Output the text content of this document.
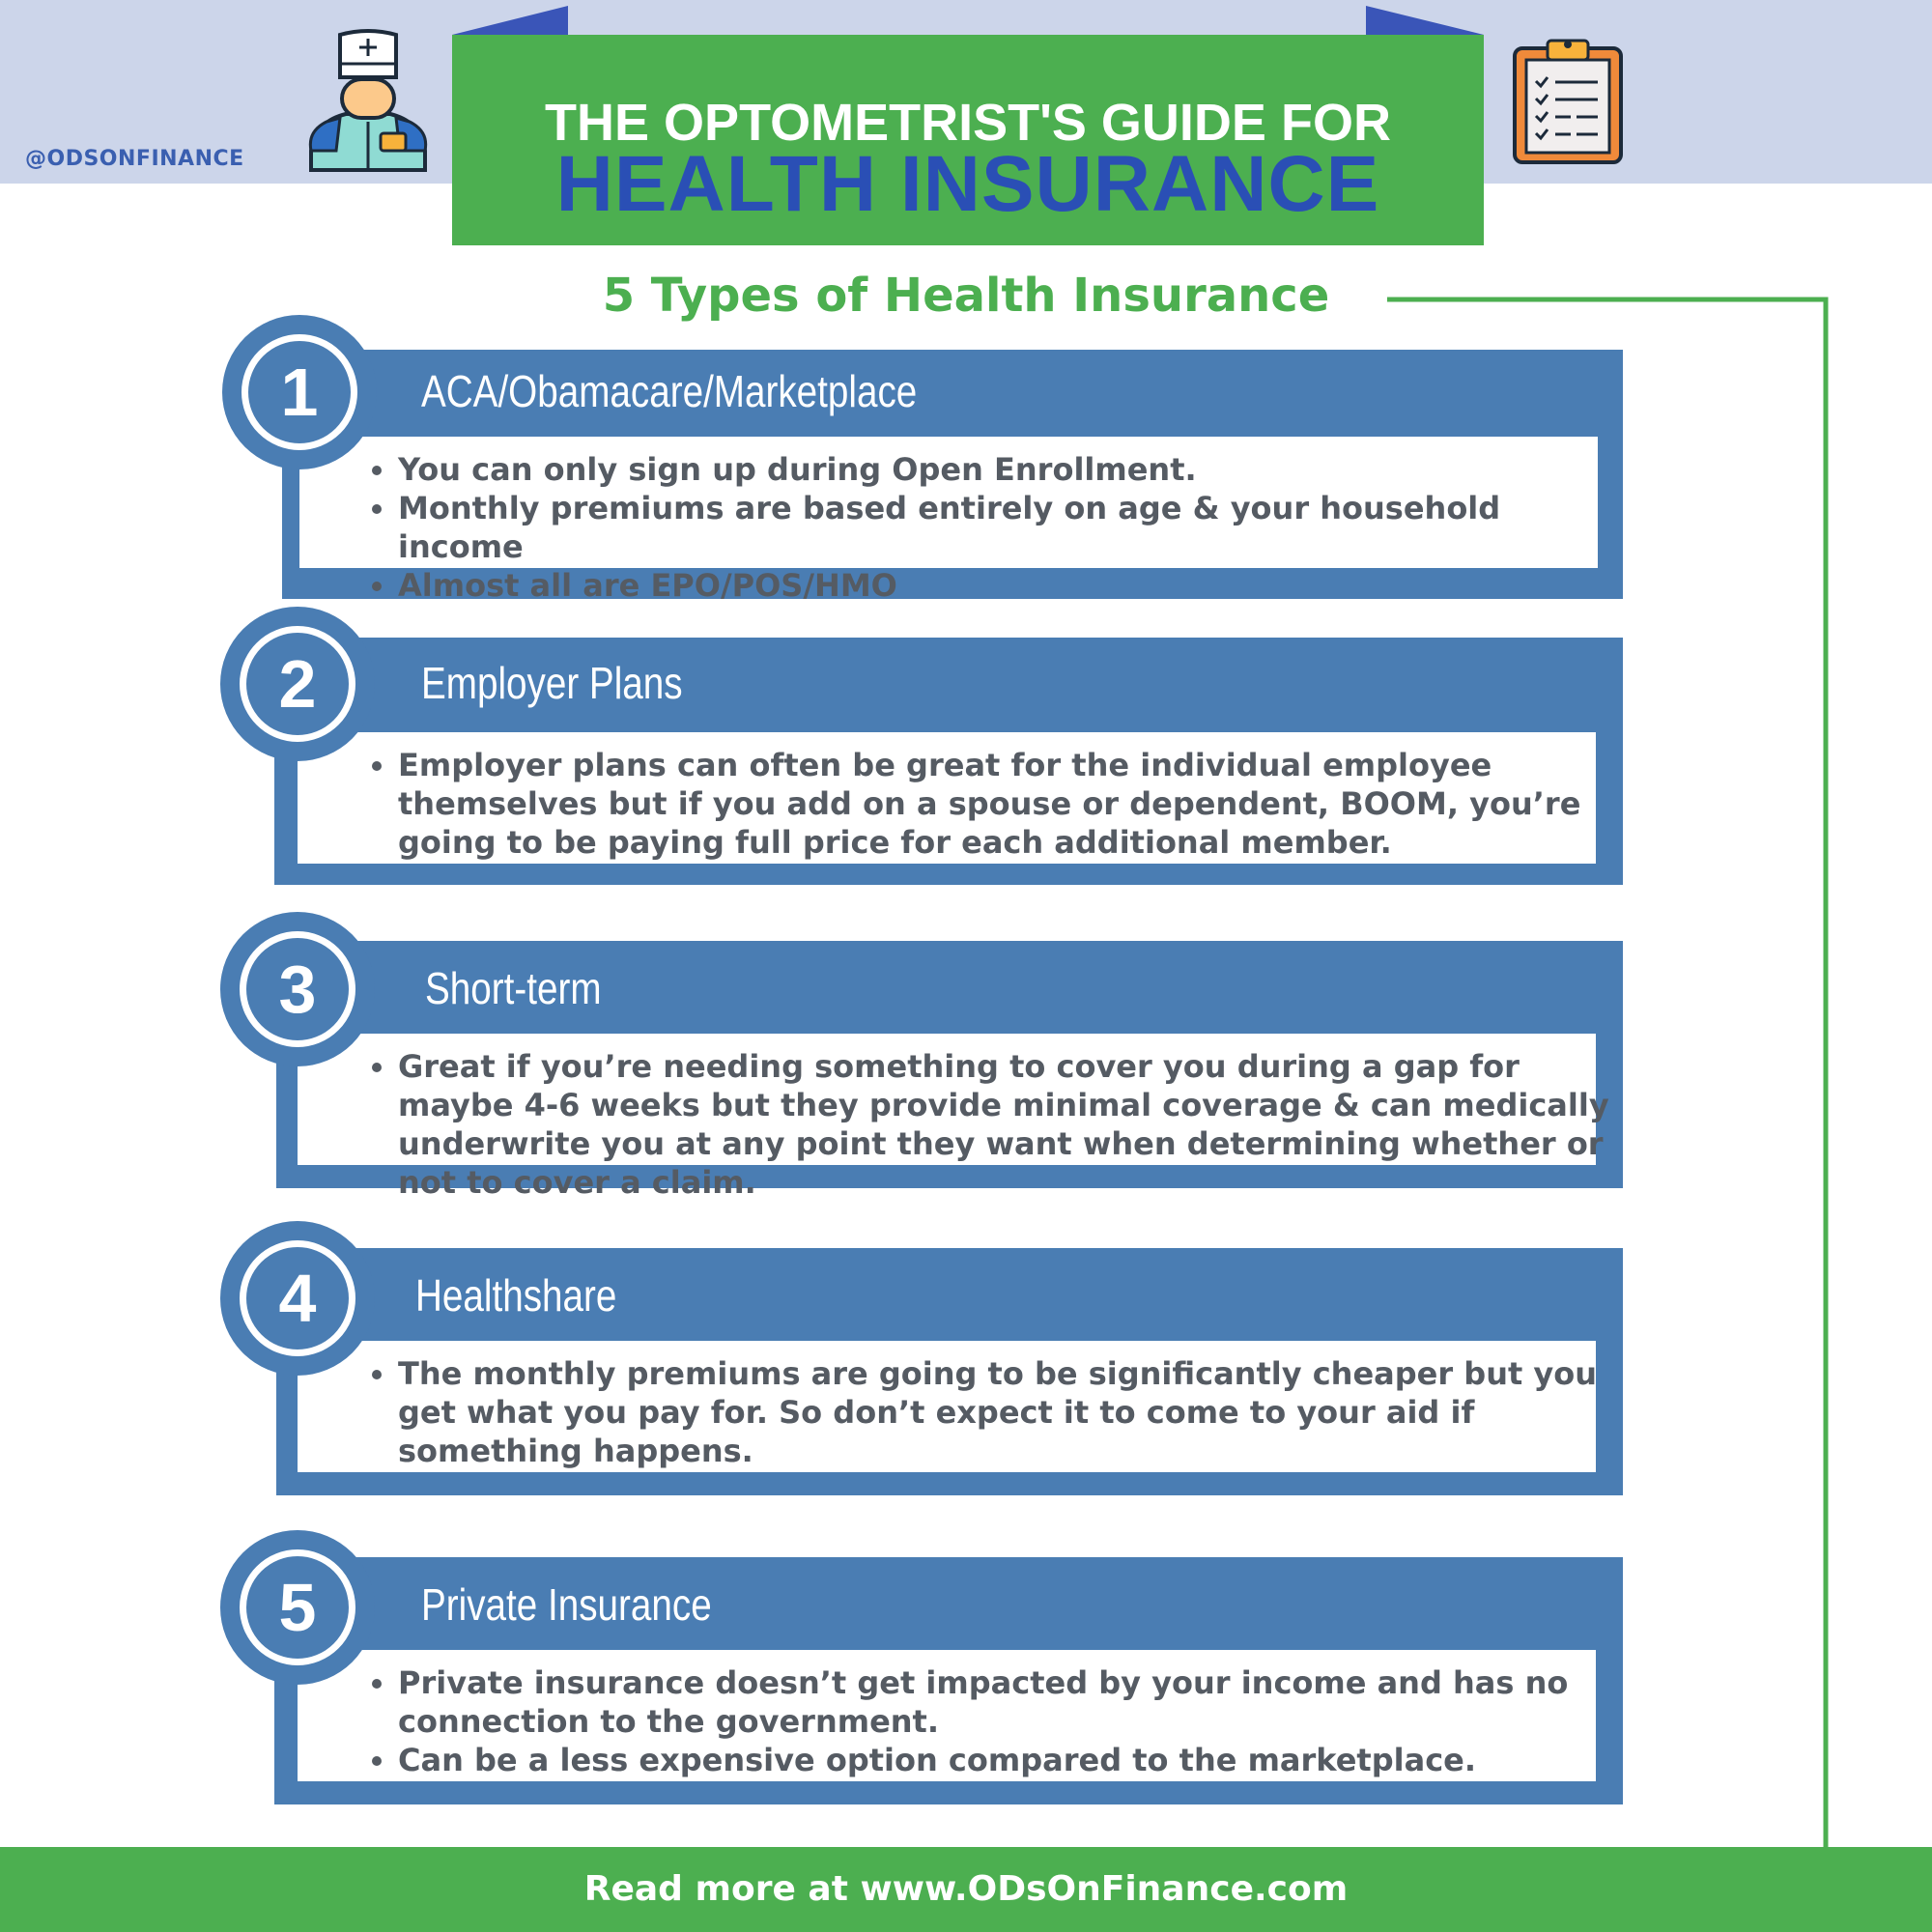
@ODSONFINANCE
THE OPTOMETRIST'S GUIDE FOR
HEALTH INSURANCE
5 Types of Health Insurance
1	ACA/Obamacare/Marketplace
• You can only sign up during Open Enrollment.
• Monthly premiums are based entirely on age & your household income
• Almost all are EPO/POS/HMO
2	Employer Plans
• Employer plans can often be great for the individual employee themselves but if you add on a spouse or dependent, BOOM, you’re going to be paying full price for each additional member.
3	Short-term
• Great if you’re needing something to cover you during a gap for maybe 4-6 weeks but they provide minimal coverage & can medically underwrite you at any point they want when determining whether or not to cover a claim.
4	Healthshare
• The monthly premiums are going to be significantly cheaper but you get what you pay for. So don’t expect it to come to your aid if something happens.
5	Private Insurance
• Private insurance doesn’t get impacted by your income and has no connection to the government.
• Can be a less expensive option compared to the marketplace.
Read more at www.ODsOnFinance.com
